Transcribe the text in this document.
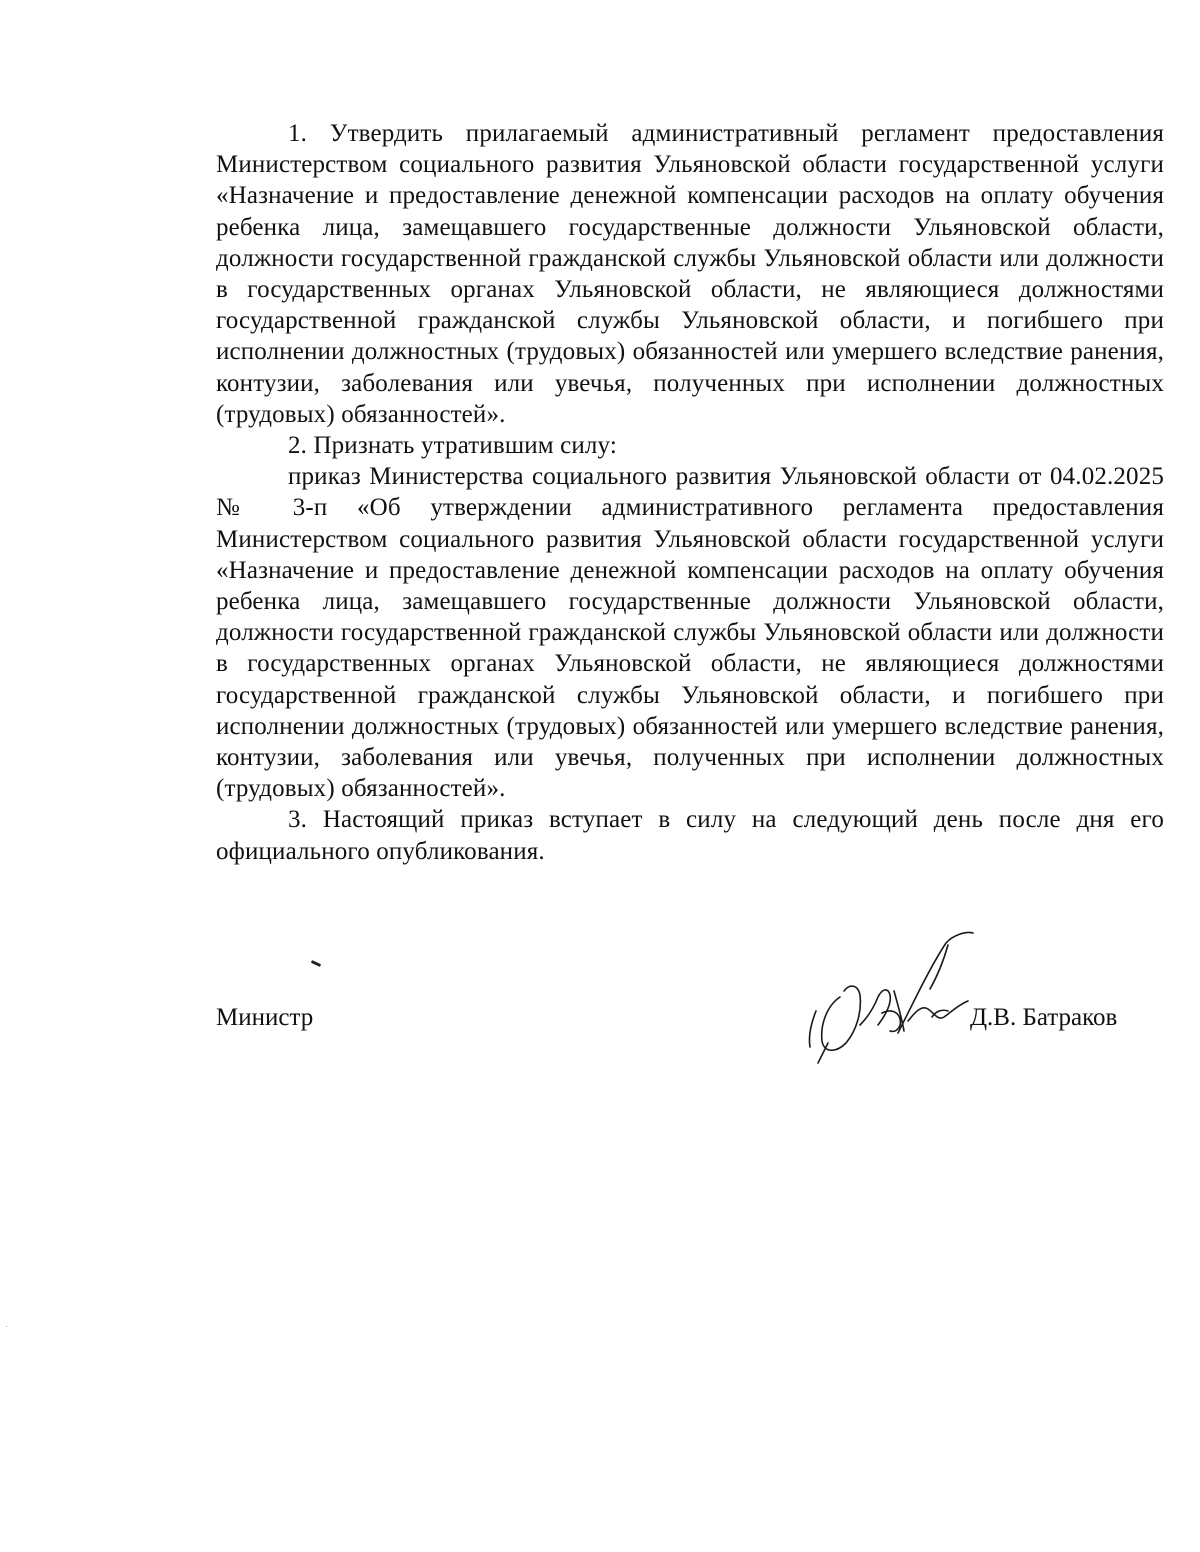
1. Утвердить прилагаемый административный регламент предоставления Министерством социального развития Ульяновской области государственной услуги «Назначение и предоставление денежной компенсации расходов на оплату обучения ребенка лица, замещавшего государственные должности Ульяновской области, должности государственной гражданской службы Ульяновской области или должности в государственных органах Ульяновской области, не являющиеся должностями государственной гражданской службы Ульяновской области, и погибшего при исполнении должностных (трудовых) обязанностей или умершего вследствие ранения, контузии, заболевания или увечья, полученных при исполнении должностных (трудовых) обязанностей».

2. Признать утратившим силу:

приказ Министерства социального развития Ульяновской области от 04.02.2025 № 3-п «Об утверждении административного регламента предоставления Министерством социального развития Ульяновской области государственной услуги «Назначение и предоставление денежной компенсации расходов на оплату обучения ребенка лица, замещавшего государственные должности Ульяновской области, должности государственной гражданской службы Ульяновской области или должности в государственных органах Ульяновской области, не являющиеся должностями государственной гражданской службы Ульяновской области, и погибшего при исполнении должностных (трудовых) обязанностей или умершего вследствие ранения, контузии, заболевания или увечья, полученных при исполнении должностных (трудовых) обязанностей».

3. Настоящий приказ вступает в силу на следующий день после дня его официального опубликования.

Министр	Д.В. Батраков
